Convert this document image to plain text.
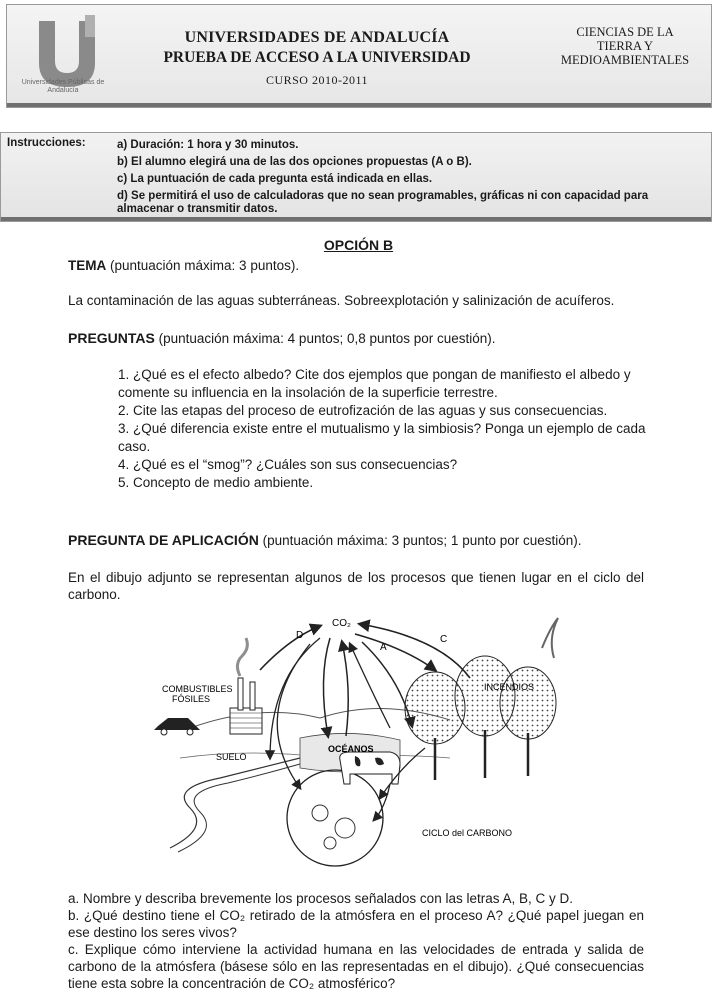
Universidades Públicas de Andalucía
UNIVERSIDADES DE ANDALUCÍA
PRUEBA DE ACCESO A LA UNIVERSIDAD
CURSO 2010-2011
CIENCIAS DE LA
TIERRA Y
MEDIOAMBIENTALES
Instrucciones:	a) Duración: 1 hora y 30 minutos.
b) El alumno elegirá una de las dos opciones propuestas (A o B).
c) La puntuación de cada pregunta está indicada en ellas.
d) Se permitirá el uso de calculadoras que no sean programables, gráficas ni con capacidad para almacenar o transmitir datos.
OPCIÓN B
TEMA (puntuación máxima: 3 puntos).
La contaminación de las aguas subterráneas. Sobreexplotación y salinización de acuíferos.
PREGUNTAS (puntuación máxima: 4 puntos; 0,8 puntos por cuestión).
1. ¿Qué es el efecto albedo? Cite dos ejemplos que pongan de manifiesto el albedo y comente su influencia en la insolación de la superficie terrestre.
2. Cite las etapas del proceso de eutrofización de las aguas y sus consecuencias.
3. ¿Qué diferencia existe entre el mutualismo y la simbiosis? Ponga un ejemplo de cada caso.
4. ¿Qué es el “smog”? ¿Cuáles son sus consecuencias?
5. Concepto de medio ambiente.
PREGUNTA DE APLICACIÓN (puntuación máxima: 3 puntos; 1 punto por cuestión).
En el dibujo adjunto se representan algunos de los procesos que tienen lugar en el ciclo del carbono.
CO₂
A
C
D
COMBUSTIBLES
FÓSILES
INCENDIOS
OCÉANOS
SUELO
CICLO del CARBONO
a. Nombre y describa brevemente los procesos señalados con las letras A, B, C y D.
b. ¿Qué destino tiene el CO₂ retirado de la atmósfera en el proceso A? ¿Qué papel juegan en ese destino los seres vivos?
c. Explique cómo interviene la actividad humana en las velocidades de entrada y salida de carbono de la atmósfera (básese sólo en las representadas en el dibujo). ¿Qué consecuencias tiene esta sobre la concentración de CO₂ atmosférico?
